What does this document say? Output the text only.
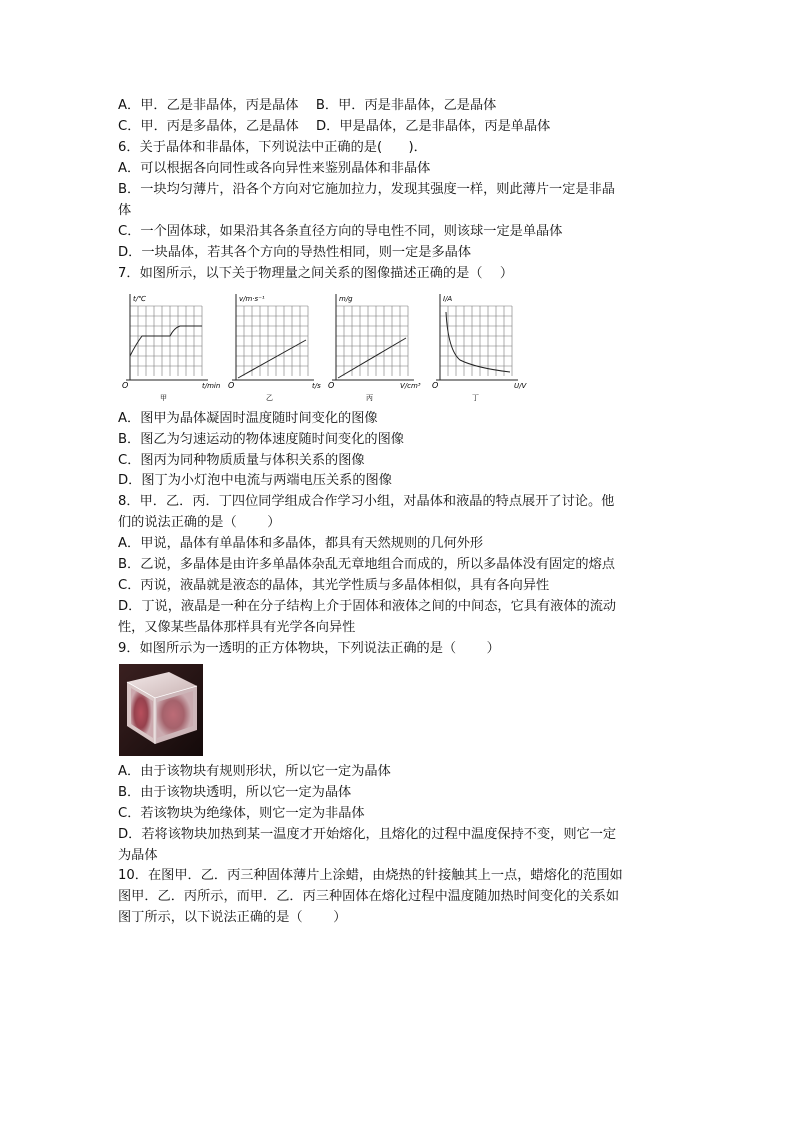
A．甲．乙是非晶体，丙是晶体　 B．甲．丙是非晶体，乙是晶体
C．甲．丙是多晶体，乙是晶体　 D．甲是晶体，乙是非晶体，丙是单晶体
6．关于晶体和非晶体，下列说法中正确的是(　　)．
A．可以根据各向同性或各向异性来鉴别晶体和非晶体
B．一块均匀薄片，沿各个方向对它施加拉力，发现其强度一样，则此薄片一定是非晶
体
C．一个固体球，如果沿其各条直径方向的导电性不同，则该球一定是单晶体
D．一块晶体，若其各个方向的导热性相同，则一定是多晶体
7．如图所示，以下关于物理量之间关系的图像描述正确的是（　 ）
t/℃
O	t/min
甲
v/m·s⁻¹
O	t/s
乙
m/g
O	V/cm³
丙
I/A
O	U/V
丁
A．图甲为晶体凝固时温度随时间变化的图像
B．图乙为匀速运动的物体速度随时间变化的图像
C．图丙为同种物质质量与体积关系的图像
D．图丁为小灯泡中电流与两端电压关系的图像
8．甲．乙．丙．丁四位同学组成合作学习小组，对晶体和液晶的特点展开了讨论。他
们的说法正确的是（　　 ）
A．甲说，晶体有单晶体和多晶体，都具有天然规则的几何外形
B．乙说，多晶体是由许多单晶体杂乱无章地组合而成的，所以多晶体没有固定的熔点
C．丙说，液晶就是液态的晶体，其光学性质与多晶体相似，具有各向异性
D．丁说，液晶是一种在分子结构上介于固体和液体之间的中间态，它具有液体的流动
性，又像某些晶体那样具有光学各向异性
9．如图所示为一透明的正方体物块，下列说法正确的是（　　 ）
A．由于该物块有规则形状，所以它一定为晶体
B．由于该物块透明，所以它一定为晶体
C．若该物块为绝缘体，则它一定为非晶体
D．若将该物块加热到某一温度才开始熔化，且熔化的过程中温度保持不变，则它一定
为晶体
10．在图甲．乙．丙三种固体薄片上涂蜡，由烧热的针接触其上一点，蜡熔化的范围如
图甲．乙．丙所示，而甲．乙．丙三种固体在熔化过程中温度随加热时间变化的关系如
图丁所示，以下说法正确的是（　　 ）
